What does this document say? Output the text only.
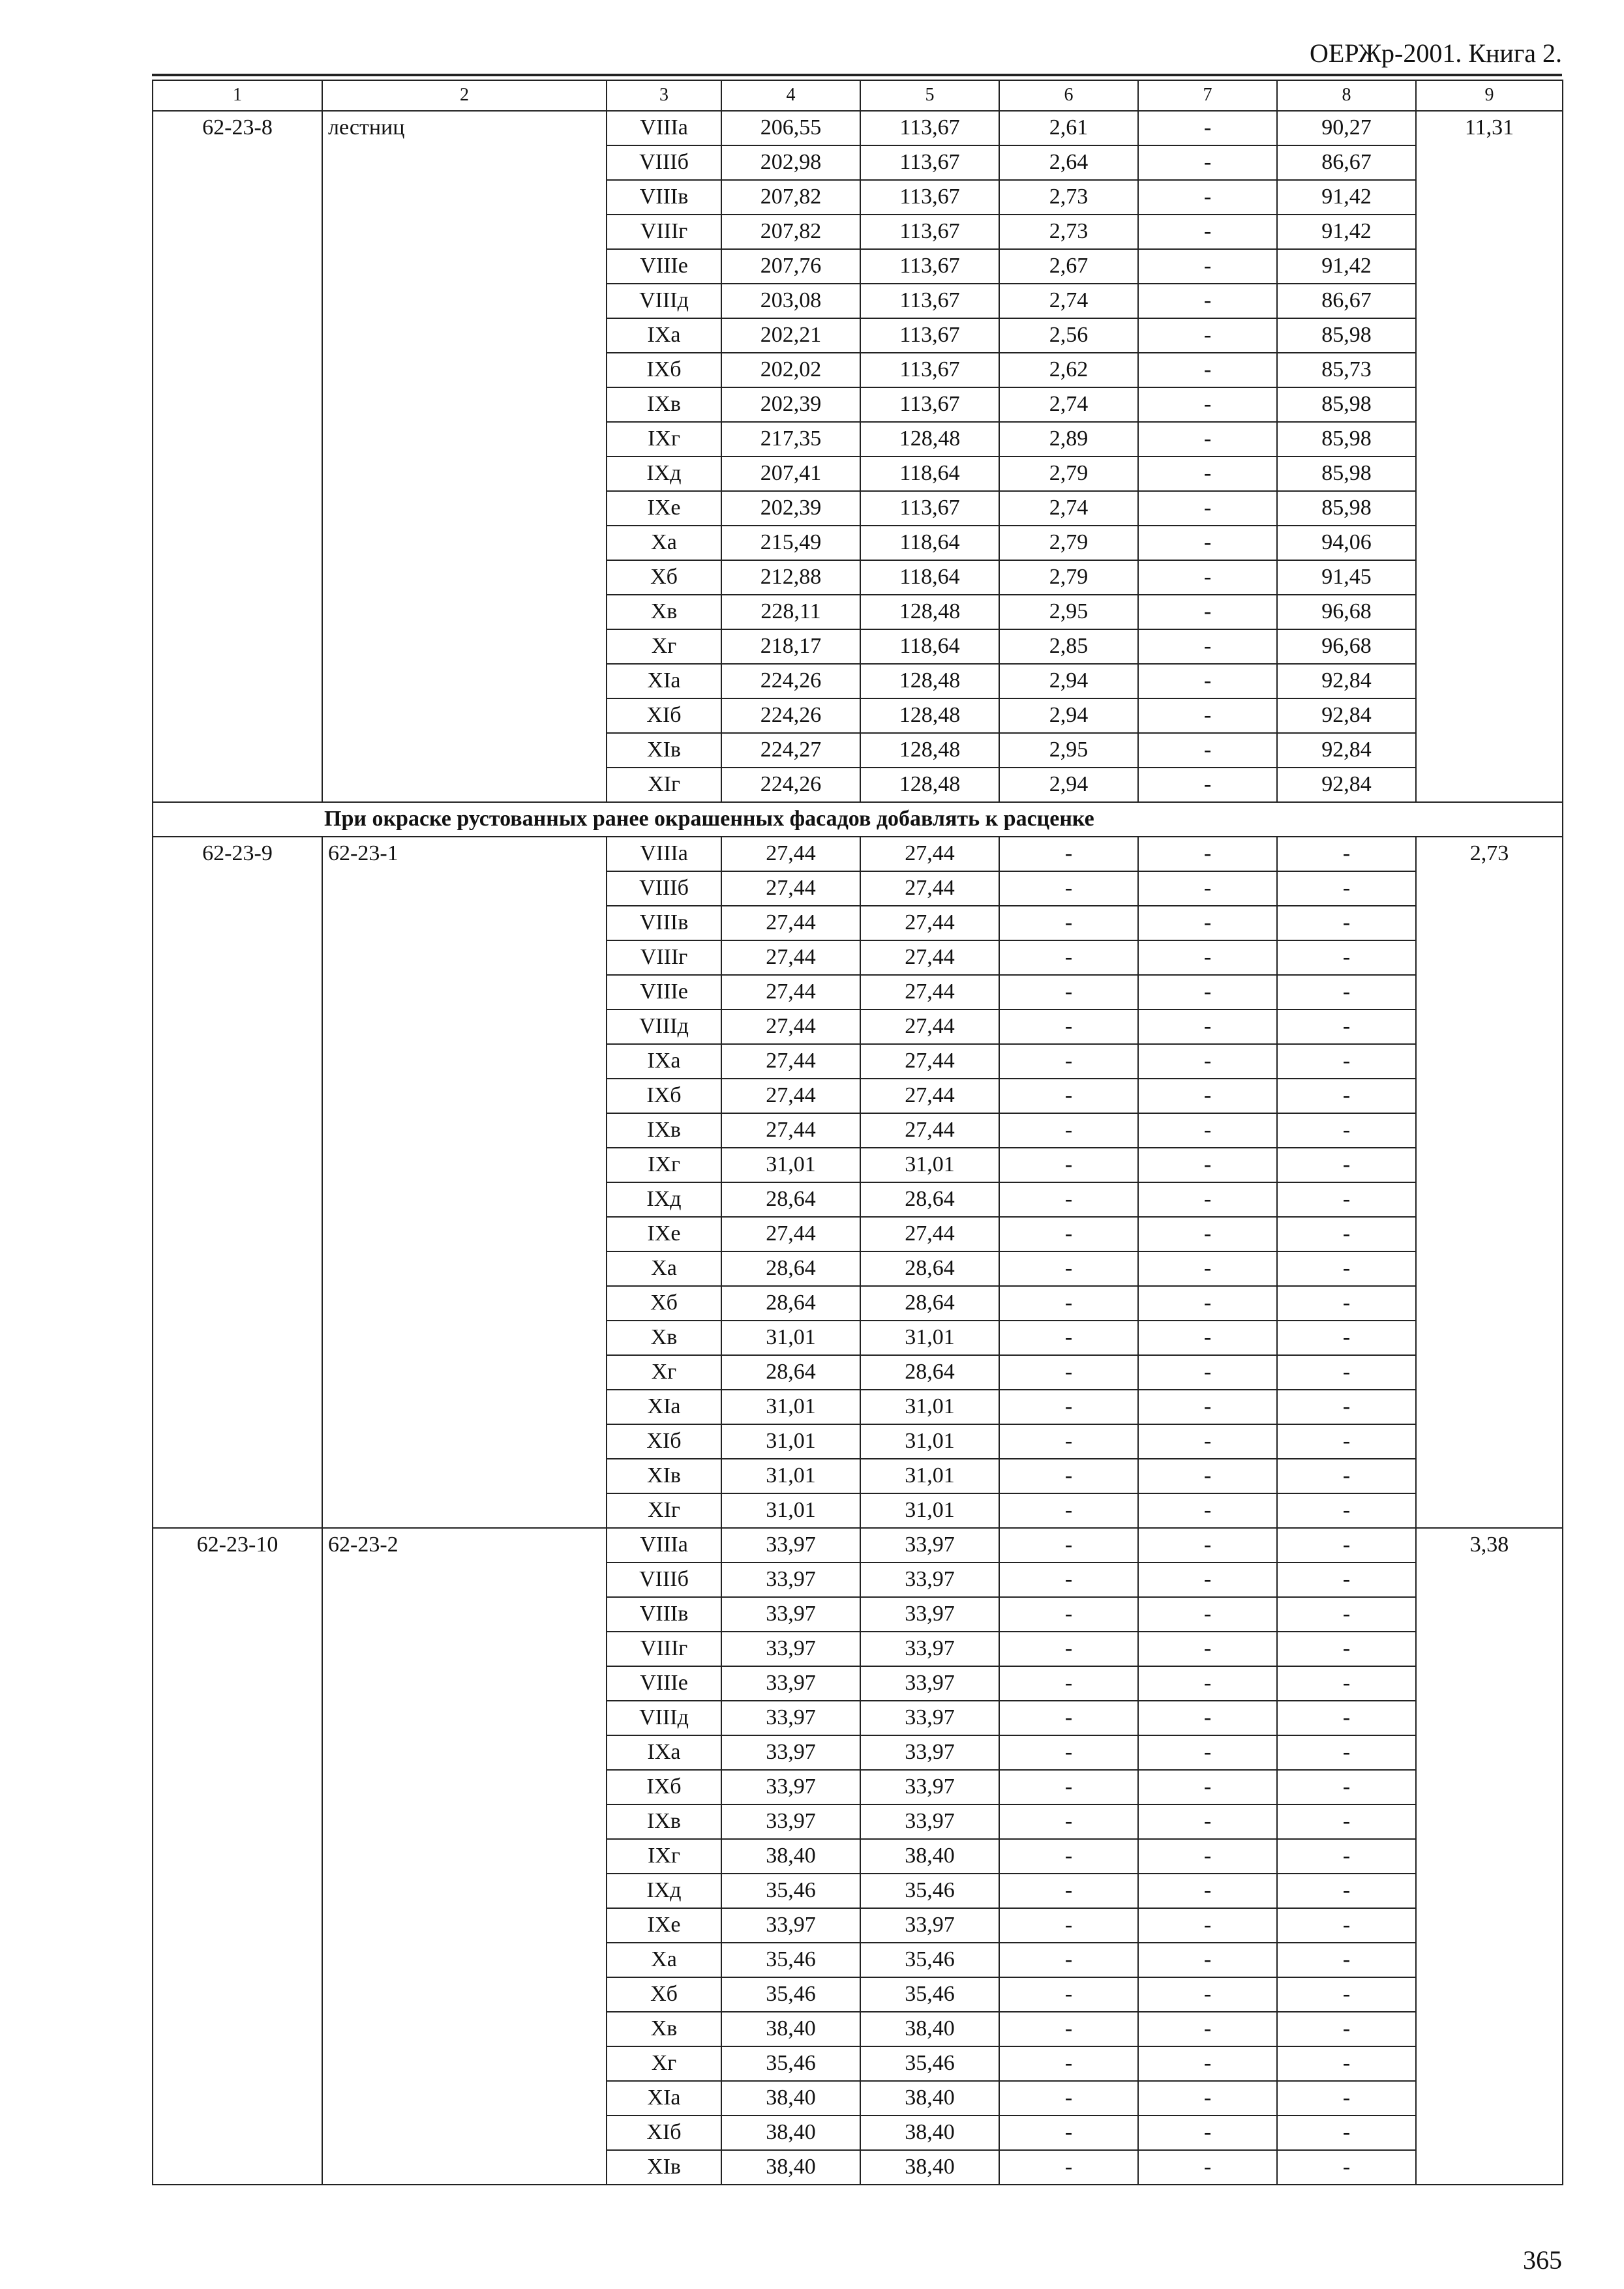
ОЕРЖр-2001. Книга 2.
1	2	3	4	5	6	7	8	9
62-23-8	лестниц	VIIIа	206,55	113,67	2,61	-	90,27	11,31
		VIIIб	202,98	113,67	2,64	-	86,67	
		VIIIв	207,82	113,67	2,73	-	91,42	
		VIIIг	207,82	113,67	2,73	-	91,42	
		VIIIе	207,76	113,67	2,67	-	91,42	
		VIIIд	203,08	113,67	2,74	-	86,67	
		IXа	202,21	113,67	2,56	-	85,98	
		IXб	202,02	113,67	2,62	-	85,73	
		IXв	202,39	113,67	2,74	-	85,98	
		IXг	217,35	128,48	2,89	-	85,98	
		IXд	207,41	118,64	2,79	-	85,98	
		IXе	202,39	113,67	2,74	-	85,98	
		Xа	215,49	118,64	2,79	-	94,06	
		Xб	212,88	118,64	2,79	-	91,45	
		Xв	228,11	128,48	2,95	-	96,68	
		Xг	218,17	118,64	2,85	-	96,68	
		XIа	224,26	128,48	2,94	-	92,84	
		XIб	224,26	128,48	2,94	-	92,84	
		XIв	224,27	128,48	2,95	-	92,84	
		XIг	224,26	128,48	2,94	-	92,84	
При окраске рустованных ранее окрашенных фасадов добавлять к расценке								
62-23-9	62-23-1	VIIIа	27,44	27,44	-	-	-	2,73
		VIIIб	27,44	27,44	-	-	-	
		VIIIв	27,44	27,44	-	-	-	
		VIIIг	27,44	27,44	-	-	-	
		VIIIе	27,44	27,44	-	-	-	
		VIIIд	27,44	27,44	-	-	-	
		IXа	27,44	27,44	-	-	-	
		IXб	27,44	27,44	-	-	-	
		IXв	27,44	27,44	-	-	-	
		IXг	31,01	31,01	-	-	-	
		IXд	28,64	28,64	-	-	-	
		IXе	27,44	27,44	-	-	-	
		Xа	28,64	28,64	-	-	-	
		Xб	28,64	28,64	-	-	-	
		Xв	31,01	31,01	-	-	-	
		Xг	28,64	28,64	-	-	-	
		XIа	31,01	31,01	-	-	-	
		XIб	31,01	31,01	-	-	-	
		XIв	31,01	31,01	-	-	-	
		XIг	31,01	31,01	-	-	-	
62-23-10	62-23-2	VIIIа	33,97	33,97	-	-	-	3,38
		VIIIб	33,97	33,97	-	-	-	
		VIIIв	33,97	33,97	-	-	-	
		VIIIг	33,97	33,97	-	-	-	
		VIIIе	33,97	33,97	-	-	-	
		VIIIд	33,97	33,97	-	-	-	
		IXа	33,97	33,97	-	-	-	
		IXб	33,97	33,97	-	-	-	
		IXв	33,97	33,97	-	-	-	
		IXг	38,40	38,40	-	-	-	
		IXд	35,46	35,46	-	-	-	
		IXе	33,97	33,97	-	-	-	
		Xа	35,46	35,46	-	-	-	
		Xб	35,46	35,46	-	-	-	
		Xв	38,40	38,40	-	-	-	
		Xг	35,46	35,46	-	-	-	
		XIа	38,40	38,40	-	-	-	
		XIб	38,40	38,40	-	-	-	
		XIв	38,40	38,40	-	-	-	
365
